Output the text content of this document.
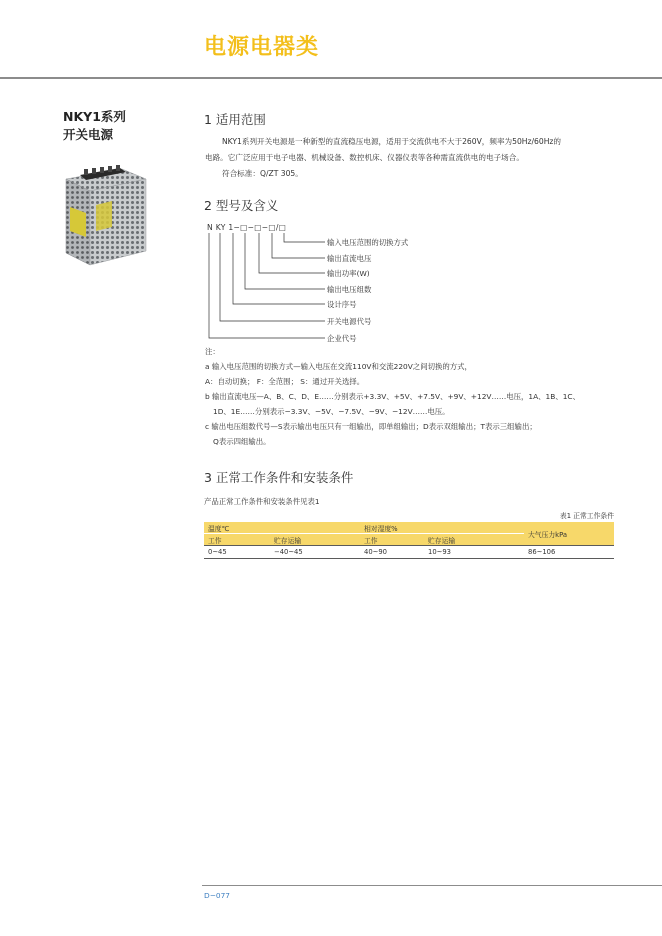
电源电器类
NKY1系列
开关电源
1 适用范围
NKY1系列开关电源是一种新型的直流稳压电源，适用于交流供电不大于260V，频率为50Hz/60Hz的
电路。它广泛应用于电子电器、机械设备、数控机床、仪器仪表等各种需直流供电的电子场合。
符合标准：Q/ZT 305。
2 型号及含义
N KY 1−□−□−□/□
输入电压范围的切换方式
输出直流电压
输出功率(W)
输出电压组数
设计序号
开关电源代号
企业代号
注：
a 输入电压范围的切换方式—输入电压在交流110V和交流220V之间切换的方式，
A：自动切换； F：全范围； S：通过开关选择。
b 输出直流电压—A、B、C、D、E……分别表示+3.3V、+5V、+7.5V、+9V、+12V……电压，1A、1B、1C、
1D、1E……分别表示−3.3V、−5V、−7.5V、−9V、−12V……电压。
c 输出电压组数代号—S表示输出电压只有一组输出，即单组输出；D表示双组输出；T表示三组输出；
Q表示四组输出。
3 正常工作条件和安装条件
产品正常工作条件和安装条件见表1
表1 正常工作条件
温度℃		相对湿度%		大气压力kPa
工作	贮存运输	工作	贮存运输	
0~45	−40~45	40~90	10~93	86~106
D−077
